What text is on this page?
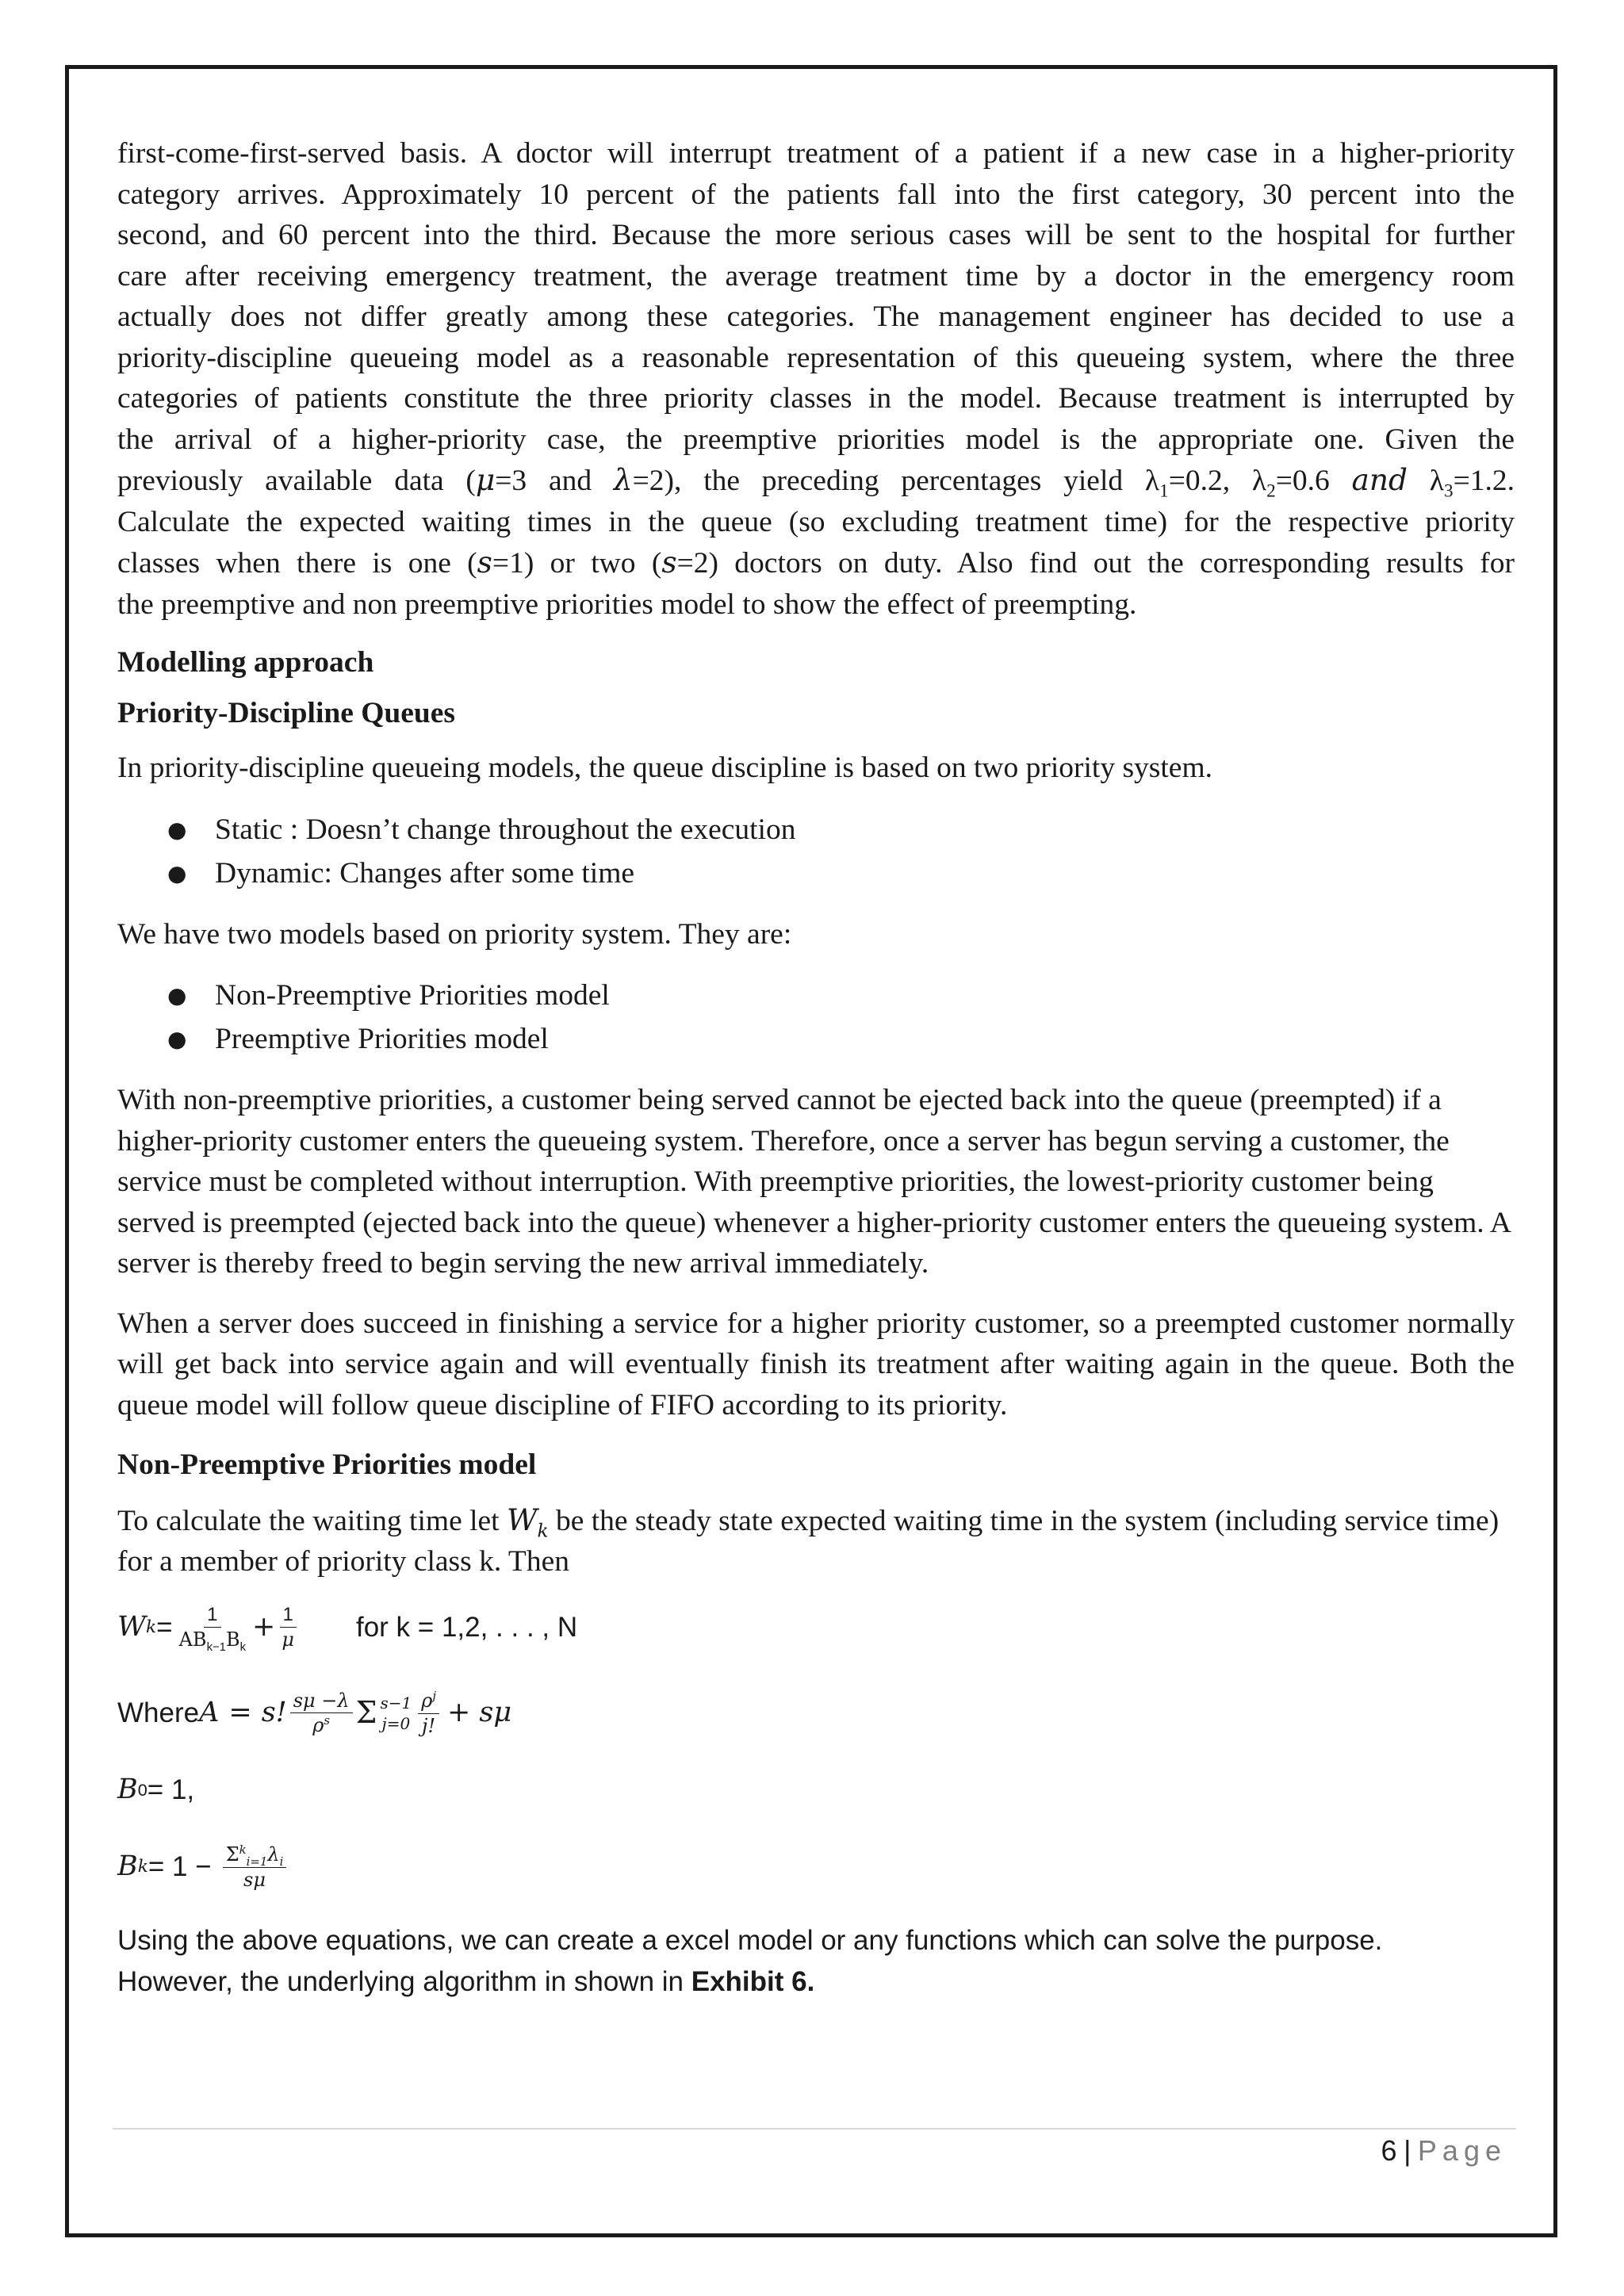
first-come-first-served basis. A doctor will interrupt treatment of a patient if a new case in a higher-priority

category arrives. Approximately 10 percent of the patients fall into the first category, 30 percent into the

second, and 60 percent into the third. Because the more serious cases will be sent to the hospital for further

care after receiving emergency treatment, the average treatment time by a doctor in the emergency room

actually does not differ greatly among these categories. The management engineer has decided to use a

priority-discipline queueing model as a reasonable representation of this queueing system, where the three

categories of patients constitute the three priority classes in the model. Because treatment is interrupted by

the arrival of a higher-priority case, the preemptive priorities model is the appropriate one. Given the

previously available data (μ=3 and λ=2), the preceding percentages yield $\lambda_1=0.2$, $\lambda_2=0.6$ and $\lambda_3=1.2$.

Calculate the expected waiting times in the queue (so excluding treatment time) for the respective priority

classes when there is one (s=1) or two (s=2) doctors on duty. Also find out the corresponding results for

the preemptive and non preemptive priorities model to show the effect of preempting.

Modelling approach

Priority-Discipline Queues

In priority-discipline queueing models, the queue discipline is based on two priority system.

● Static : Doesn’t change throughout the execution
● Dynamic: Changes after some time

We have two models based on priority system. They are:

● Non-Preemptive Priorities model
● Preemptive Priorities model

With non-preemptive priorities, a customer being served cannot be ejected back into the queue (preempted) if a higher-priority customer enters the queueing system. Therefore, once a server has begun serving a customer, the service must be completed without interruption. With preemptive priorities, the lowest-priority customer being served is preempted (ejected back into the queue) whenever a higher-priority customer enters the queueing system. A server is thereby freed to begin serving the new arrival immediately.

When a server does succeed in finishing a service for a higher priority customer, so a preempted customer normally will get back into service again and will eventually finish its treatment after waiting again in the queue. Both the queue model will follow queue discipline of FIFO according to its priority.

Non-Preemptive Priorities model

To calculate the waiting time let $W_k$ be the steady state expected waiting time in the system (including service time) for a member of priority class k. Then

W $k = \frac{1}{AB_{k-1}B_k} + \frac{1}{\mu}$ for k = 1,2, . . . , N
Where A = s! $\frac{s\mu -\lambda}{\rho^s}$ Σ s−1
$j=0 \frac{\rho^j}{j!} + s\mu$
B 0 = 1,
B $k = 1 - \frac{\Sigma^k_{i=1}\lambda_i}{s\mu}$

Using the above equations, we can create a excel model or any functions which can solve the purpose.

However, the underlying algorithm in shown in Exhibit 6.

6 | Page
